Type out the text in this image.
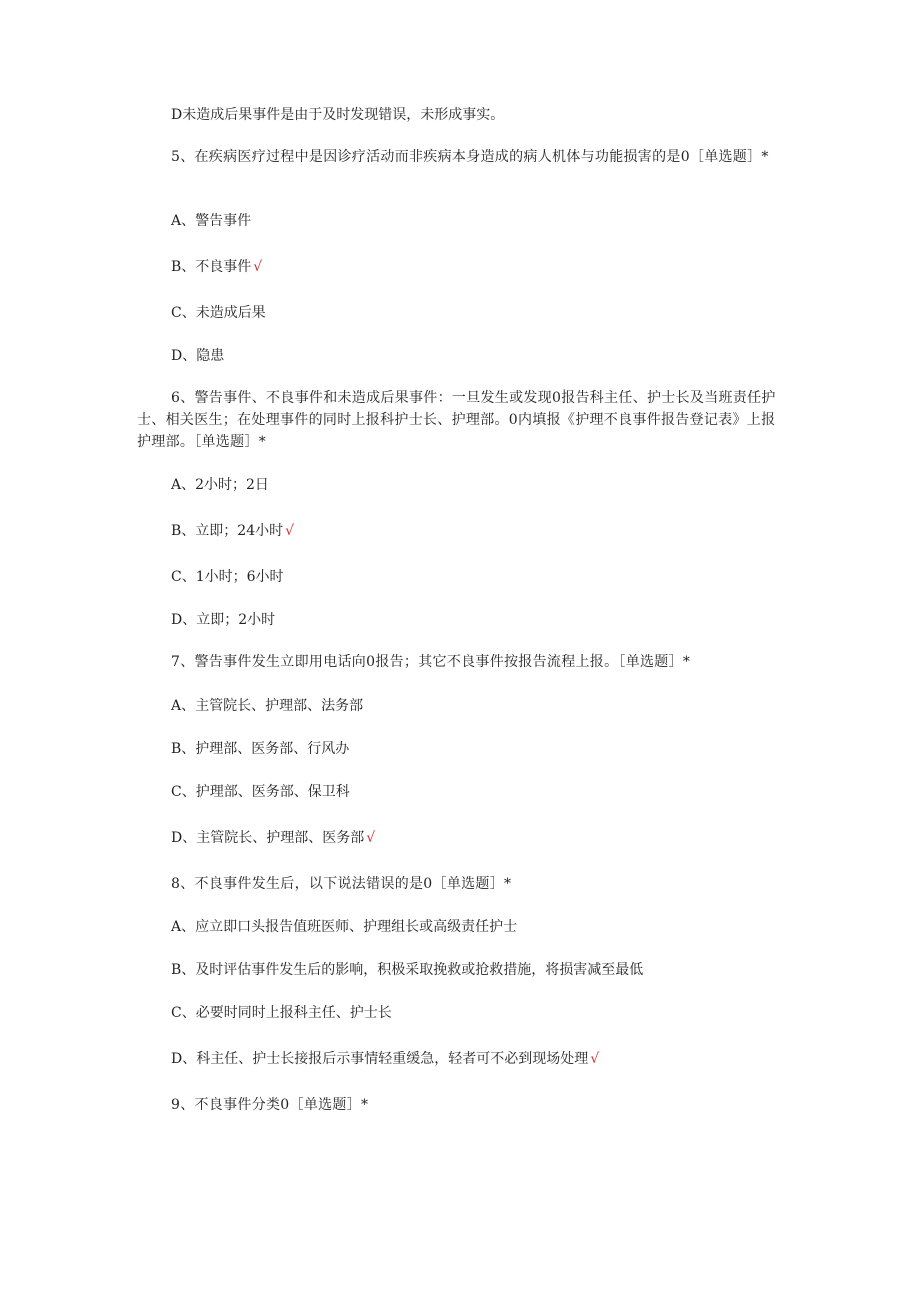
D未造成后果事件是由于及时发现错误，未形成事实。
5、在疾病医疗过程中是因诊疗活动而非疾病本身造成的病人机体与功能损害的是0［单选题］*
A、警告事件
B、不良事件 √
C、未造成后果
D、隐患
6、警告事件、不良事件和未造成后果事件：一旦发生或发现0报告科主任、护士长及当班责任护士、相关医生；在处理事件的同时上报科护士长、护理部。0内填报《护理不良事件报告登记表》上报护理部。［单选题］*
A、2小时；2日
B、立即；24小时 √
C、1小时；6小时
D、立即；2小时
7、警告事件发生立即用电话向0报告；其它不良事件按报告流程上报。［单选题］*
A、主管院长、护理部、法务部
B、护理部、医务部、行风办
C、护理部、医务部、保卫科
D、主管院长、护理部、医务部 √
8、不良事件发生后，以下说法错误的是0［单选题］*
A、应立即口头报告值班医师、护理组长或高级责任护士
B、及时评估事件发生后的影响，积极采取挽救或抢救措施，将损害减至最低
C、必要时同时上报科主任、护士长
D、科主任、护士长接报后示事情轻重缓急，轻者可不必到现场处理 √
9、不良事件分类0［单选题］*
